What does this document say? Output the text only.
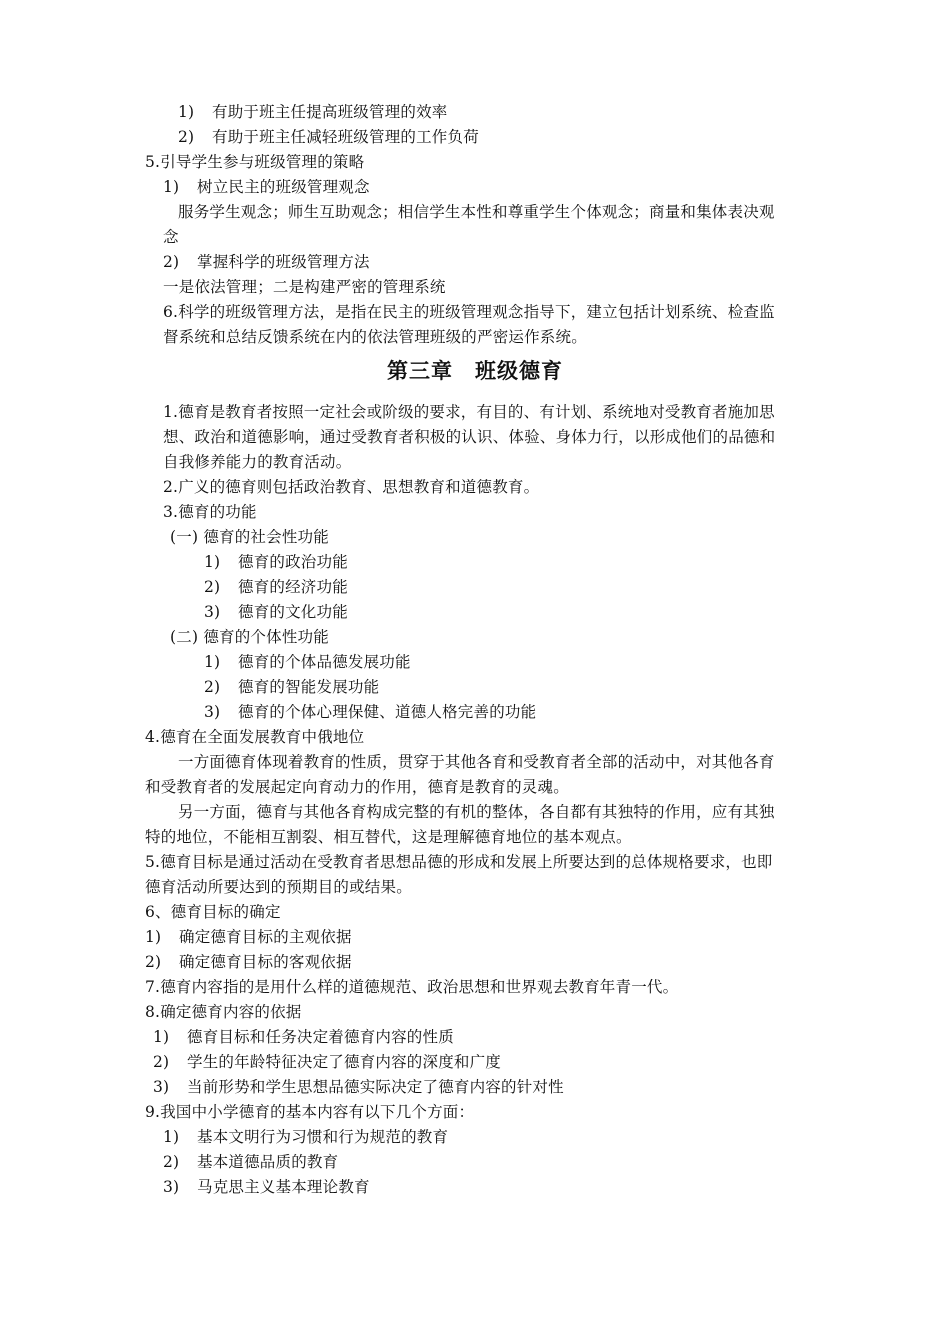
1) 有助于班主任提高班级管理的效率
2) 有助于班主任减轻班级管理的工作负荷
5.引导学生参与班级管理的策略
1) 树立民主的班级管理观念
服务学生观念；师生互助观念；相信学生本性和尊重学生个体观念；商量和集体表决观
念
2) 掌握科学的班级管理方法
一是依法管理；二是构建严密的管理系统
6.科学的班级管理方法，是指在民主的班级管理观念指导下，建立包括计划系统、检查监
督系统和总结反馈系统在内的依法管理班级的严密运作系统。
第三章　班级德育
1.德育是教育者按照一定社会或阶级的要求，有目的、有计划、系统地对受教育者施加思
想、政治和道德影响，通过受教育者积极的认识、体验、身体力行，以形成他们的品德和
自我修养能力的教育活动。
2.广义的德育则包括政治教育、思想教育和道德教育。
3.德育的功能
(一) 德育的社会性功能
1) 德育的政治功能
2) 德育的经济功能
3) 德育的文化功能
(二) 德育的个体性功能
1) 德育的个体品德发展功能
2) 德育的智能发展功能
3) 德育的个体心理保健、道德人格完善的功能
4.德育在全面发展教育中俄地位
一方面德育体现着教育的性质，贯穿于其他各育和受教育者全部的活动中，对其他各育
和受教育者的发展起定向育动力的作用，德育是教育的灵魂。
另一方面，德育与其他各育构成完整的有机的整体，各自都有其独特的作用，应有其独
特的地位，不能相互割裂、相互替代，这是理解德育地位的基本观点。
5.德育目标是通过活动在受教育者思想品德的形成和发展上所要达到的总体规格要求，也即
德育活动所要达到的预期目的或结果。
6、德育目标的确定
1) 确定德育目标的主观依据
2) 确定德育目标的客观依据
7.德育内容指的是用什么样的道德规范、政治思想和世界观去教育年青一代。
8.确定德育内容的依据
1) 德育目标和任务决定着德育内容的性质
2) 学生的年龄特征决定了德育内容的深度和广度
3) 当前形势和学生思想品德实际决定了德育内容的针对性
9.我国中小学德育的基本内容有以下几个方面：
1) 基本文明行为习惯和行为规范的教育
2) 基本道德品质的教育
3) 马克思主义基本理论教育
